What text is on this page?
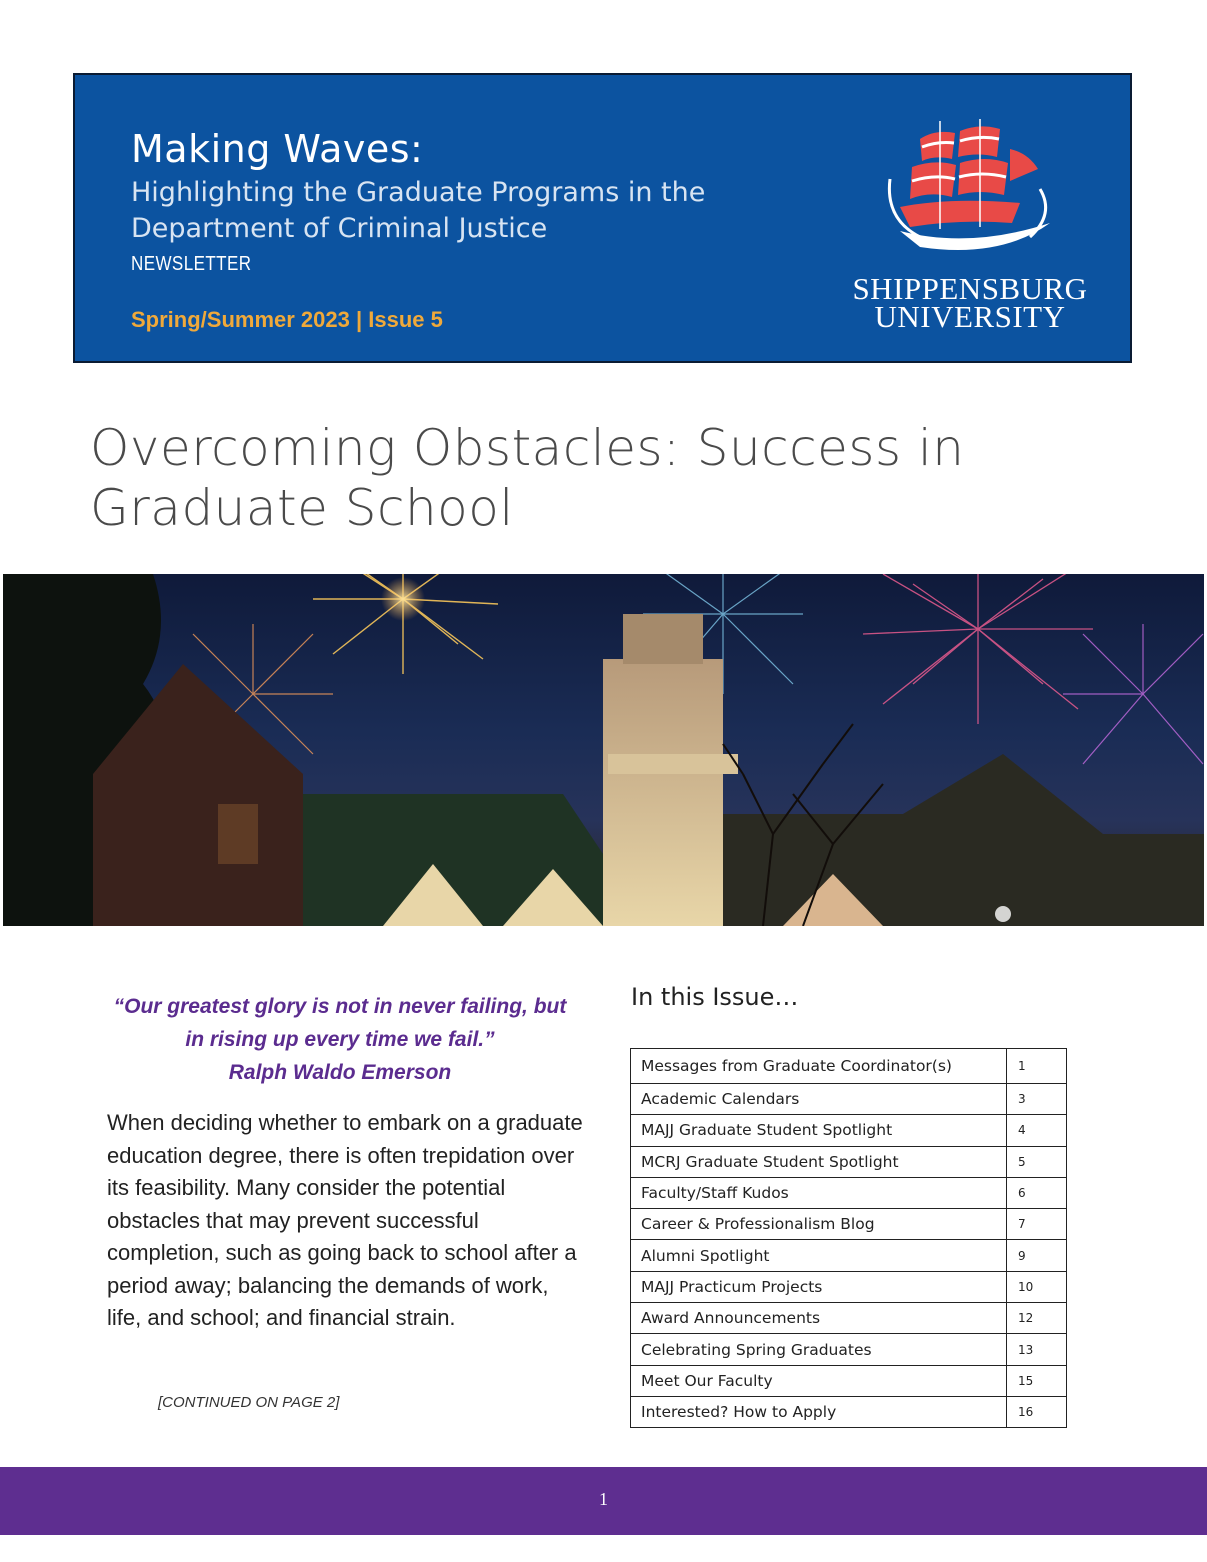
Making Waves:
Highlighting the Graduate Programs in the
Department of Criminal Justice
NEWSLETTER
Spring/Summer 2023 | Issue 5
SHIPPENSBURG
UNIVERSITY
Overcoming Obstacles: Success in
Graduate School
“Our greatest glory is not in never failing, but
in rising up every time we fail.”
Ralph Waldo Emerson

When deciding whether to embark on a graduate education degree, there is often trepidation over its feasibility. Many consider the potential obstacles that may prevent successful completion, such as going back to school after a period away; balancing the demands of work, life, and school; and financial strain.

[CONTINUED ON PAGE 2]
In this Issue…
Messages from Graduate Coordinator(s)	1
Academic Calendars	3
MAJJ Graduate Student Spotlight	4
MCRJ Graduate Student Spotlight	5
Faculty/Staff Kudos	6
Career & Professionalism Blog	7
Alumni Spotlight	9
MAJJ Practicum Projects	10
Award Announcements	12
Celebrating Spring Graduates	13
Meet Our Faculty	15
Interested? How to Apply	16
1
